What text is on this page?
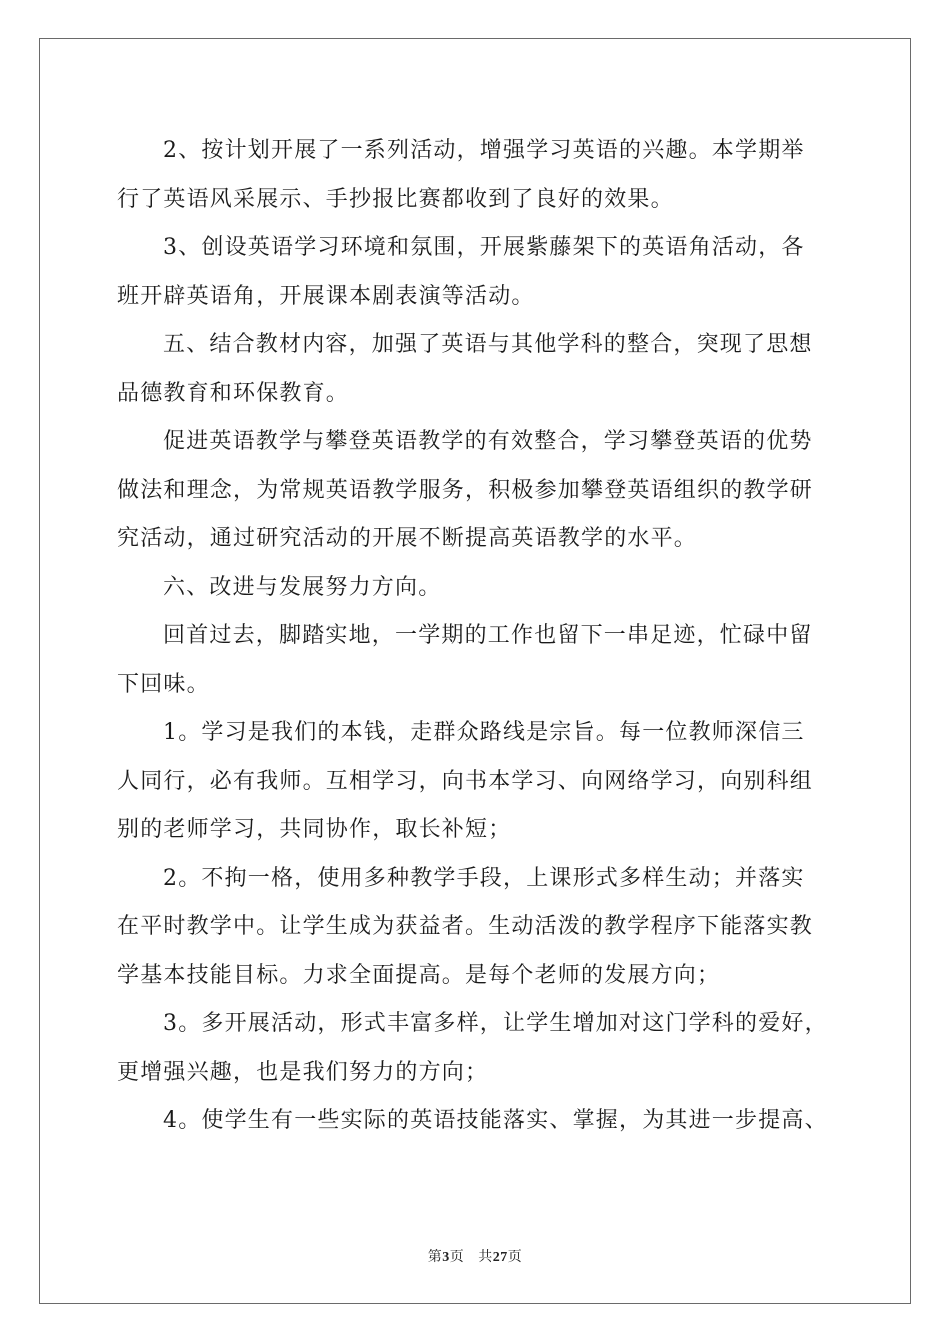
2、按计划开展了一系列活动，增强学习英语的兴趣。本学期举
行了英语风采展示、手抄报比赛都收到了良好的效果。

3、创设英语学习环境和氛围，开展紫藤架下的英语角活动，各
班开辟英语角，开展课本剧表演等活动。

五、结合教材内容，加强了英语与其他学科的整合，突现了思想
品德教育和环保教育。

促进英语教学与攀登英语教学的有效整合，学习攀登英语的优势
做法和理念，为常规英语教学服务，积极参加攀登英语组织的教学研
究活动，通过研究活动的开展不断提高英语教学的水平。

六、改进与发展努力方向。

回首过去，脚踏实地，一学期的工作也留下一串足迹，忙碌中留
下回味。

1。学习是我们的本钱，走群众路线是宗旨。每一位教师深信三
人同行，必有我师。互相学习，向书本学习、向网络学习，向别科组
别的老师学习，共同协作，取长补短；

2。不拘一格，使用多种教学手段，上课形式多样生动；并落实
在平时教学中。让学生成为获益者。生动活泼的教学程序下能落实教
学基本技能目标。力求全面提高。是每个老师的发展方向；

3。多开展活动，形式丰富多样，让学生增加对这门学科的爱好，
更增强兴趣，也是我们努力的方向；

4。使学生有一些实际的英语技能落实、掌握，为其进一步提高、

第3页 共27页
